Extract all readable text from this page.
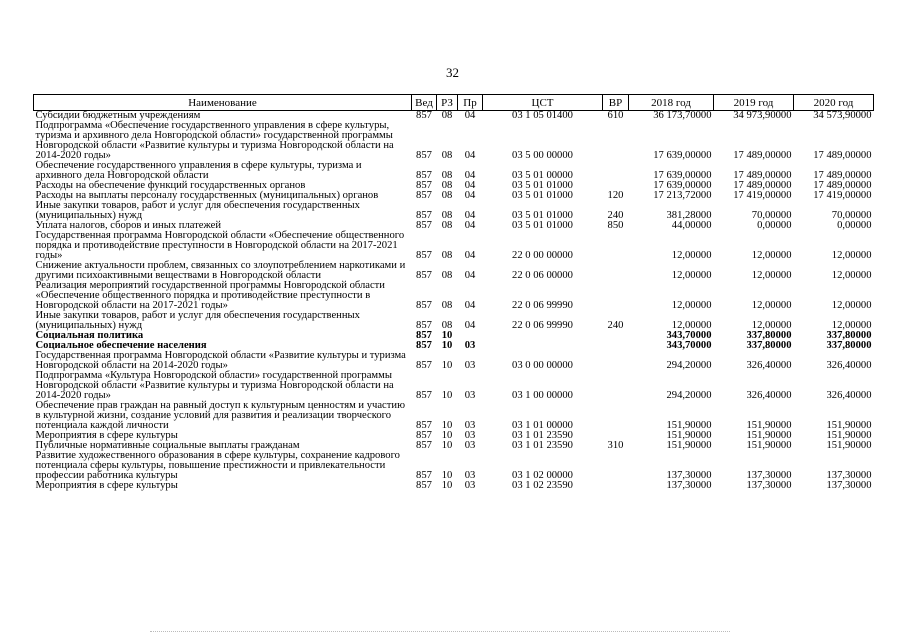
32
Наименование	Вед	РЗ	Пр	ЦСТ	ВР	2018 год	2019 год	2020 год
Субсидии бюджетным учреждениям	857	08	04	03 1 05 01400	610	36 173,70000	34 973,90000	34 573,90000
Подпрограмма «Обеспечение государственного управления в сфере культуры, туризма и архивного дела Новгородской области» государственной программы Новгородской области «Развитие культуры и туризма Новгородской области на 2014-2020 годы»	857	08	04	03 5 00 00000		17 639,00000	17 489,00000	17 489,00000
Обеспечение государственного управления в сфере культуры, туризма и архивного дела Новгородской области	857	08	04	03 5 01 00000		17 639,00000	17 489,00000	17 489,00000
Расходы на обеспечение функций государственных органов	857	08	04	03 5 01 01000		17 639,00000	17 489,00000	17 489,00000
Расходы на выплаты персоналу государственных (муниципальных) органов	857	08	04	03 5 01 01000	120	17 213,72000	17 419,00000	17 419,00000
Иные закупки товаров, работ и услуг для обеспечения государственных (муниципальных) нужд	857	08	04	03 5 01 01000	240	381,28000	70,00000	70,00000
Уплата налогов, сборов и иных платежей	857	08	04	03 5 01 01000	850	44,00000	0,00000	0,00000
Государственная программа Новгородской области «Обеспечение общественного порядка и противодействие преступности в Новгородской области на 2017-2021 годы»	857	08	04	22 0 00 00000		12,00000	12,00000	12,00000
Снижение актуальности проблем, связанных со злоупотреблением наркотиками и другими психоактивными веществами в Новгородской области	857	08	04	22 0 06 00000		12,00000	12,00000	12,00000
Реализация мероприятий государственной программы Новгородской области «Обеспечение общественного порядка и противодействие преступности в Новгородской области на 2017-2021 годы»	857	08	04	22 0 06 99990		12,00000	12,00000	12,00000
Иные закупки товаров, работ и услуг для обеспечения государственных (муниципальных) нужд	857	08	04	22 0 06 99990	240	12,00000	12,00000	12,00000
Социальная политика	857	10				343,70000	337,80000	337,80000
Социальное обеспечение населения	857	10	03			343,70000	337,80000	337,80000
Государственная программа Новгородской области «Развитие культуры и туризма Новгородской области на 2014-2020 годы»	857	10	03	03 0 00 00000		294,20000	326,40000	326,40000
Подпрограмма «Культура Новгородской области» государственной программы Новгородской области «Развитие культуры и туризма Новгородской области на 2014-2020 годы»	857	10	03	03 1 00 00000		294,20000	326,40000	326,40000
Обеспечение прав граждан на равный доступ к культурным ценностям и участию в культурной жизни, создание условий для развития и реализации творческого потенциала каждой личности	857	10	03	03 1 01 00000		151,90000	151,90000	151,90000
Мероприятия в сфере культуры	857	10	03	03 1 01 23590		151,90000	151,90000	151,90000
Публичные нормативные социальные выплаты гражданам	857	10	03	03 1 01 23590	310	151,90000	151,90000	151,90000
Развитие художественного образования в сфере культуры, сохранение кадрового потенциала сферы культуры, повышение престижности и привлекательности профессии работника культуры	857	10	03	03 1 02 00000		137,30000	137,30000	137,30000
Мероприятия в сфере культуры	857	10	03	03 1 02 23590		137,30000	137,30000	137,30000
